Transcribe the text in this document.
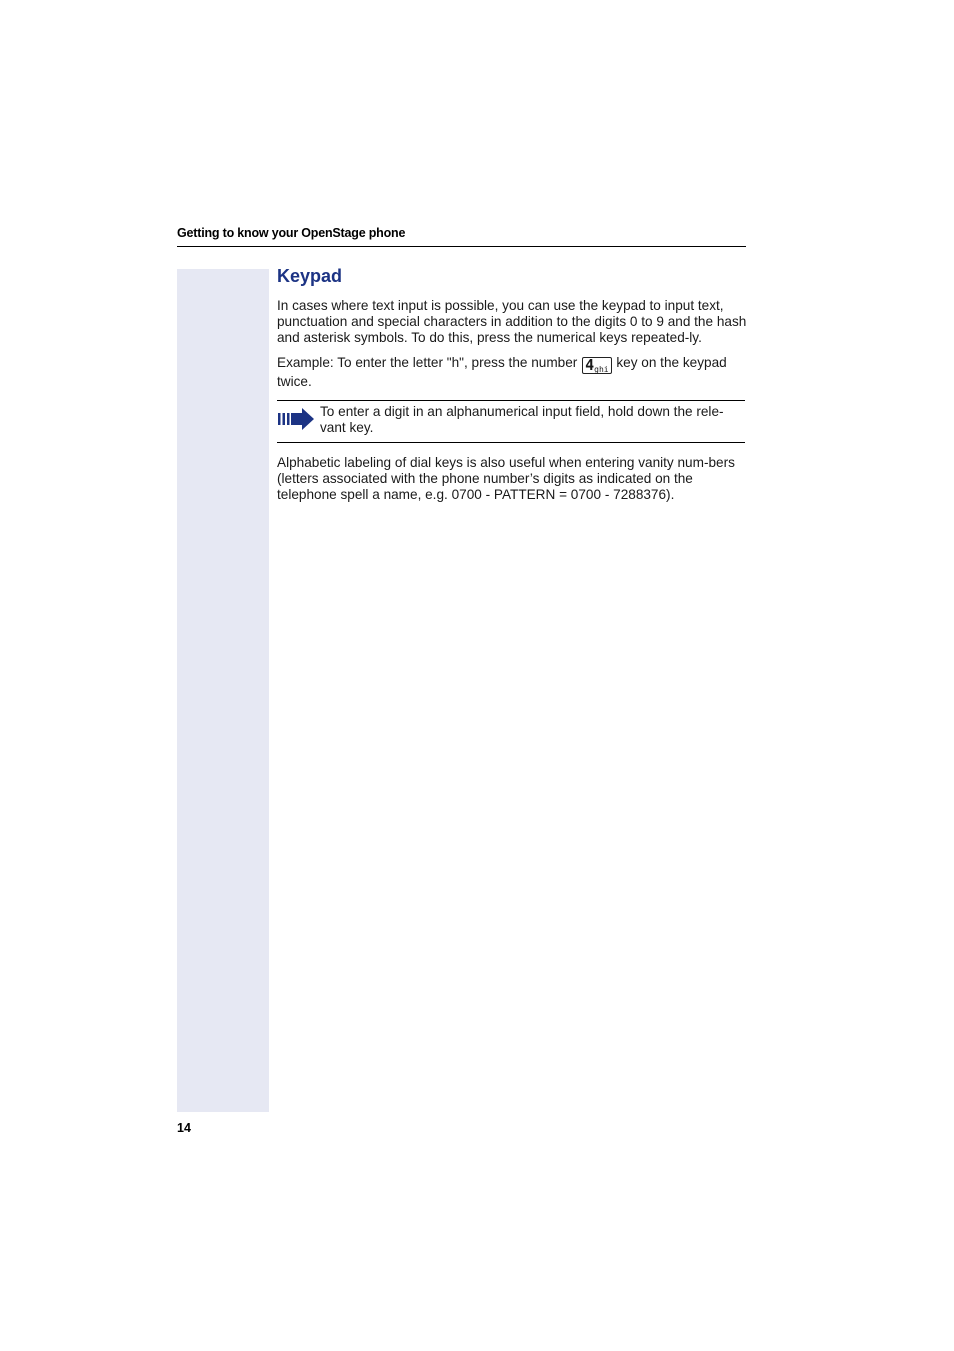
Getting to know your OpenStage phone
Keypad

In cases where text input is possible, you can use the keypad to input text, punctuation and special characters in addition to the digits 0 to 9 and the hash and asterisk symbols. To do this, press the numerical keys repeated-ly.

Example: To enter the letter "h", press the number 4ghi key on the keypad twice.

To enter a digit in an alphanumerical input field, hold down the rele-vant key.

Alphabetic labeling of dial keys is also useful when entering vanity num-bers (letters associated with the phone number’s digits as indicated on the telephone spell a name, e.g. 0700 - PATTERN = 0700 - 7288376).

14
